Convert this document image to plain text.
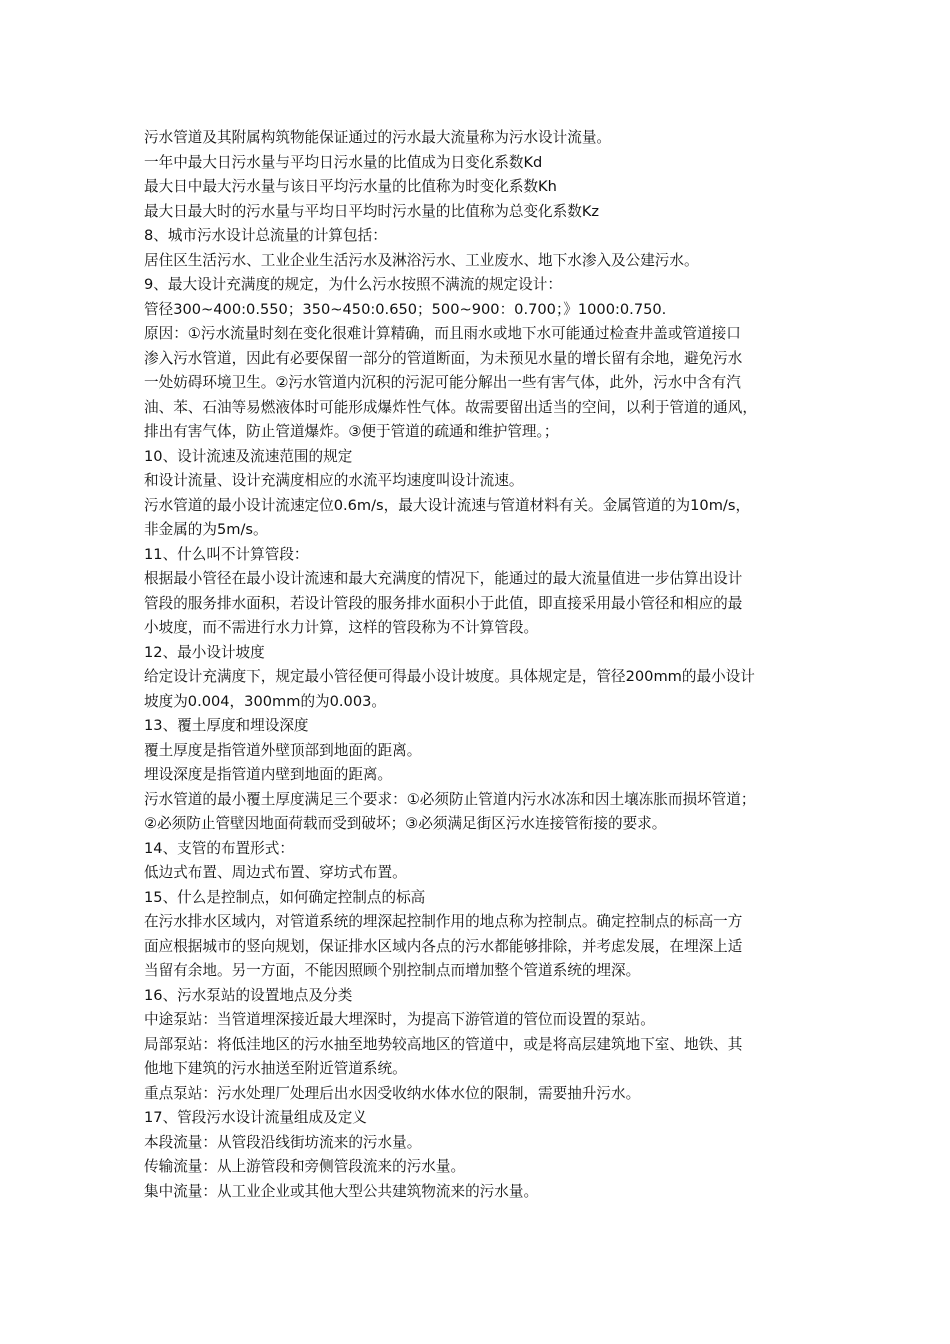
污水管道及其附属构筑物能保证通过的污水最大流量称为污水设计流量。
一年中最大日污水量与平均日污水量的比值成为日变化系数Kd
最大日中最大污水量与该日平均污水量的比值称为时变化系数Kh
最大日最大时的污水量与平均日平均时污水量的比值称为总变化系数Kz
8、城市污水设计总流量的计算包括：
居住区生活污水、工业企业生活污水及淋浴污水、工业废水、地下水渗入及公建污水。
9、最大设计充满度的规定，为什么污水按照不满流的规定设计：
管径300~400:0.550；350~450:0.650；500~900：0.700；》1000:0.750.
原因：①污水流量时刻在变化很难计算精确，而且雨水或地下水可能通过检查井盖或管道接口
渗入污水管道，因此有必要保留一部分的管道断面，为未预见水量的增长留有余地，避免污水
一处妨碍环境卫生。②污水管道内沉积的污泥可能分解出一些有害气体，此外，污水中含有汽
油、苯、石油等易燃液体时可能形成爆炸性气体。故需要留出适当的空间，以利于管道的通风，
排出有害气体，防止管道爆炸。③便于管道的疏通和维护管理。；
10、设计流速及流速范围的规定
和设计流量、设计充满度相应的水流平均速度叫设计流速。
污水管道的最小设计流速定位0.6m/s，最大设计流速与管道材料有关。金属管道的为10m/s，
非金属的为5m/s。
11、什么叫不计算管段：
根据最小管径在最小设计流速和最大充满度的情况下，能通过的最大流量值进一步估算出设计
管段的服务排水面积，若设计管段的服务排水面积小于此值，即直接采用最小管径和相应的最
小坡度，而不需进行水力计算，这样的管段称为不计算管段。
12、最小设计坡度
给定设计充满度下，规定最小管径便可得最小设计坡度。具体规定是，管径200mm的最小设计
坡度为0.004，300mm的为0.003。
13、覆土厚度和埋设深度
覆土厚度是指管道外壁顶部到地面的距离。
埋设深度是指管道内壁到地面的距离。
污水管道的最小覆土厚度满足三个要求：①必须防止管道内污水冰冻和因土壤冻胀而损坏管道；
②必须防止管壁因地面荷载而受到破坏；③必须满足街区污水连接管衔接的要求。
14、支管的布置形式：
低边式布置、周边式布置、穿坊式布置。
15、什么是控制点，如何确定控制点的标高
在污水排水区域内，对管道系统的埋深起控制作用的地点称为控制点。确定控制点的标高一方
面应根据城市的竖向规划，保证排水区域内各点的污水都能够排除，并考虑发展，在埋深上适
当留有余地。另一方面，不能因照顾个别控制点而增加整个管道系统的埋深。
16、污水泵站的设置地点及分类
中途泵站：当管道埋深接近最大埋深时，为提高下游管道的管位而设置的泵站。
局部泵站：将低洼地区的污水抽至地势较高地区的管道中，或是将高层建筑地下室、地铁、其
他地下建筑的污水抽送至附近管道系统。
重点泵站：污水处理厂处理后出水因受收纳水体水位的限制，需要抽升污水。
17、管段污水设计流量组成及定义
本段流量：从管段沿线街坊流来的污水量。
传输流量：从上游管段和旁侧管段流来的污水量。
集中流量：从工业企业或其他大型公共建筑物流来的污水量。
